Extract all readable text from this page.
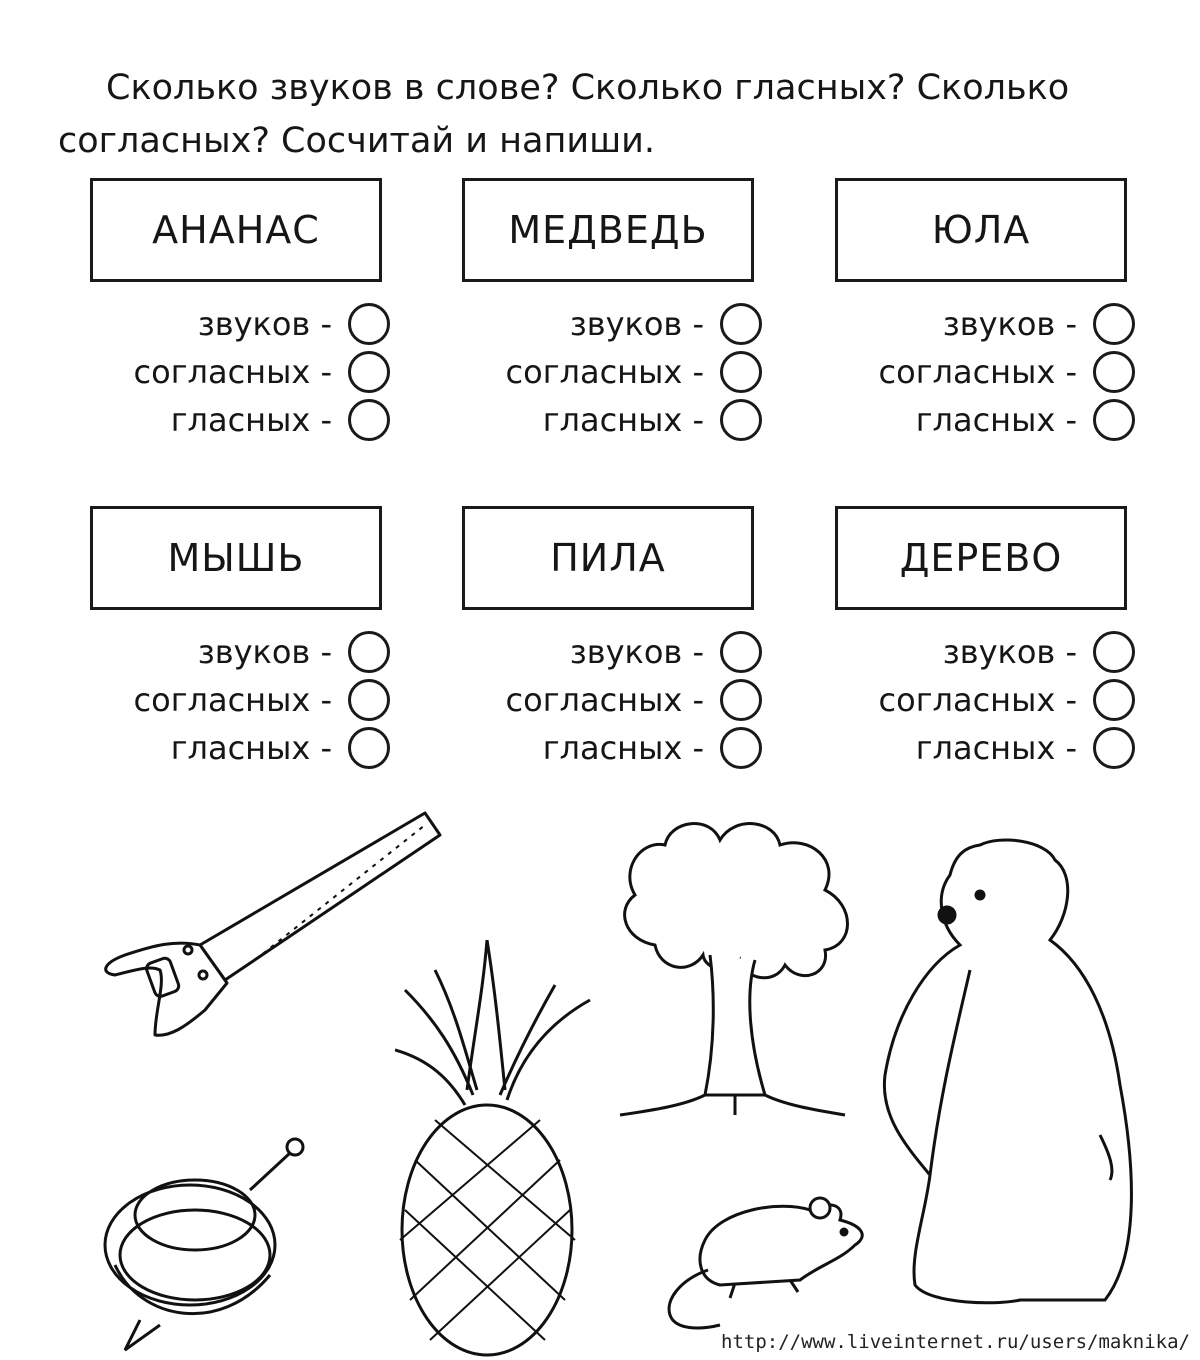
Сколько звуков в слове? Сколько гласных? Сколько
согласных? Сосчитай и напиши.
АНАНАС
звуков -
согласных -
гласных -
МЕДВЕДЬ
звуков -
согласных -
гласных -
ЮЛА
звуков -
согласных -
гласных -
МЫШЬ
звуков -
согласных -
гласных -
ПИЛА
звуков -
согласных -
гласных -
ДЕРЕВО
звуков -
согласных -
гласных -
http://www.liveinternet.ru/users/maknika/
